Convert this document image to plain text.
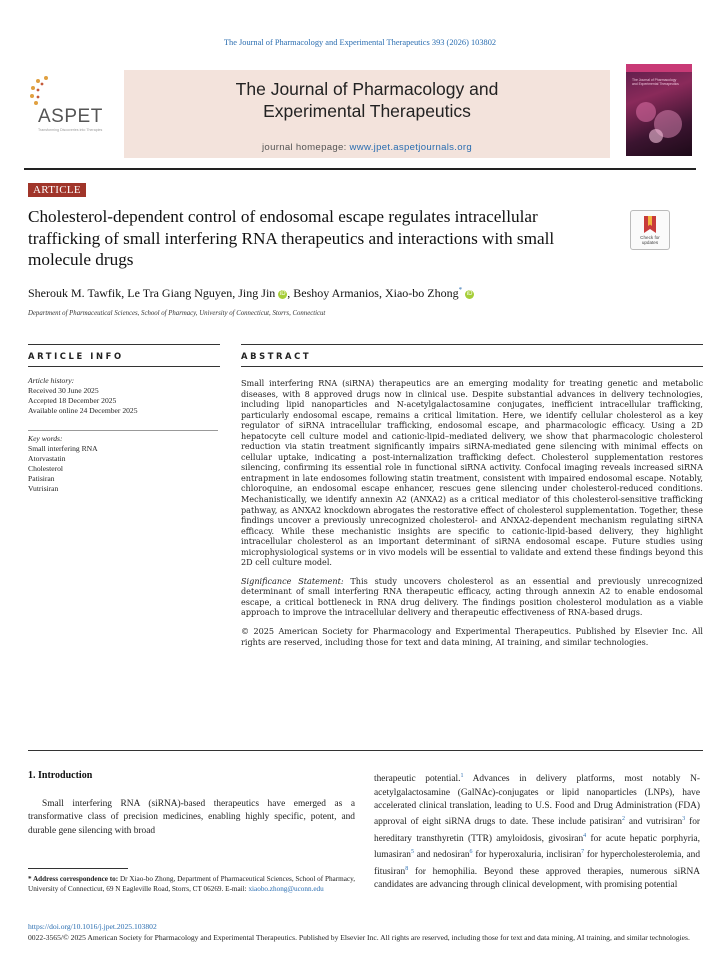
The Journal of Pharmacology and Experimental Therapeutics 393 (2026) 103802
ASPET
Transforming Discoveries into Therapies
The Journal of Pharmacology and
Experimental Therapeutics
journal homepage: www.jpet.aspetjournals.org
The Journal of Pharmacology and Experimental Therapeutics
ARTICLE
Cholesterol-dependent control of endosomal escape regulates intracellular trafficking of small interfering RNA therapeutics and interactions with small molecule drugs
Check for
updates
Sherouk M. Tawfik, Le Tra Giang Nguyen, Jing Jin iD , Beshoy Armanios, Xiao-bo Zhong* iD
Department of Pharmaceutical Sciences, School of Pharmacy, University of Connecticut, Storrs, Connecticut
ARTICLE INFO	ABSTRACT
Article history:
Received 30 June 2025
Accepted 18 December 2025
Available online 24 December 2025
Key words:
Small interfering RNA
Atorvastatin
Cholesterol
Patisiran
Vutrisiran

Small interfering RNA (siRNA) therapeutics are an emerging modality for treating genetic and metabolic diseases, with 8 approved drugs now in clinical use. Despite substantial advances in delivery technologies, including lipid nanoparticles and N-acetylgalactosamine conjugates, inefficient intracellular trafficking, particularly endosomal escape, remains a critical limitation. Here, we identify cellular cholesterol as a key regulator of siRNA intracellular trafficking, endosomal escape, and pharmacologic efficacy. Using a 2D hepatocyte cell culture model and cationic-lipid–mediated delivery, we show that pharmacologic cholesterol reduction via statin treatment significantly impairs siRNA-mediated gene silencing with minimal effects on cellular uptake, indicating a post-internalization trafficking defect. Cholesterol supplementation restores silencing, confirming its essential role in functional siRNA activity. Confocal imaging reveals increased siRNA entrapment in late endosomes following statin treatment, consistent with impaired endosomal escape. Notably, chloroquine, an endosomal escape enhancer, rescues gene silencing under cholesterol-reduced conditions. Mechanistically, we identify annexin A2 (ANXA2) as a critical mediator of this cholesterol-sensitive trafficking pathway, as ANXA2 knockdown abrogates the restorative effect of cholesterol supplementation. Together, these findings uncover a previously unrecognized cholesterol- and ANXA2-dependent mechanism regulating siRNA efficacy. While these mechanistic insights are specific to cationic-lipid-based delivery, they highlight intracellular cholesterol as an important determinant of siRNA endosomal escape. Future studies using microphysiological systems or in vivo models will be essential to validate and extend these findings beyond this 2D cell culture model.

Significance Statement: This study uncovers cholesterol as an essential and previously unrecognized determinant of small interfering RNA therapeutic efficacy, acting through annexin A2 to enable endosomal escape, a critical bottleneck in RNA drug delivery. The findings position cholesterol modulation as a viable approach to improve the intracellular delivery and therapeutic effectiveness of RNA-based drugs.

© 2025 American Society for Pharmacology and Experimental Therapeutics. Published by Elsevier Inc. All rights are reserved, including those for text and data mining, AI training, and similar technologies.

1. Introduction
Small interfering RNA (siRNA)-based therapeutics have emerged as a transformative class of precision medicines, enabling highly specific, potent, and durable gene silencing with broad
therapeutic potential.$^1$ Advances in delivery platforms, most notably N-acetylgalactosamine (GalNAc)-conjugates or lipid nanoparticles (LNPs), have accelerated clinical translation, leading to U.S. Food and Drug Administration (FDA) approval of eight siRNA drugs to date. These include patisiran$^2$ and vutrisiran$^3$ for hereditary transthyretin (TTR) amyloidosis, givosiran$^4$ for acute hepatic porphyria, lumasiran$^5$ and nedosiran$^6$ for hyperoxaluria, inclisiran$^7$ for hypercholesterolemia, and fitusiran$^8$ for hemophilia. Beyond these approved therapies, numerous siRNA candidates are advancing through clinical development, with promising potential
* Address correspondence to: Dr Xiao-bo Zhong, Department of Pharmaceutical Sciences, School of Pharmacy, University of Connecticut, 69 N Eagleville Road, Storrs, CT 06269. E-mail: xiaobo.zhong@uconn.edu
https://doi.org/10.1016/j.jpet.2025.103802
0022-3565/© 2025 American Society for Pharmacology and Experimental Therapeutics. Published by Elsevier Inc. All rights are reserved, including those for text and data mining, AI training, and similar technologies.
